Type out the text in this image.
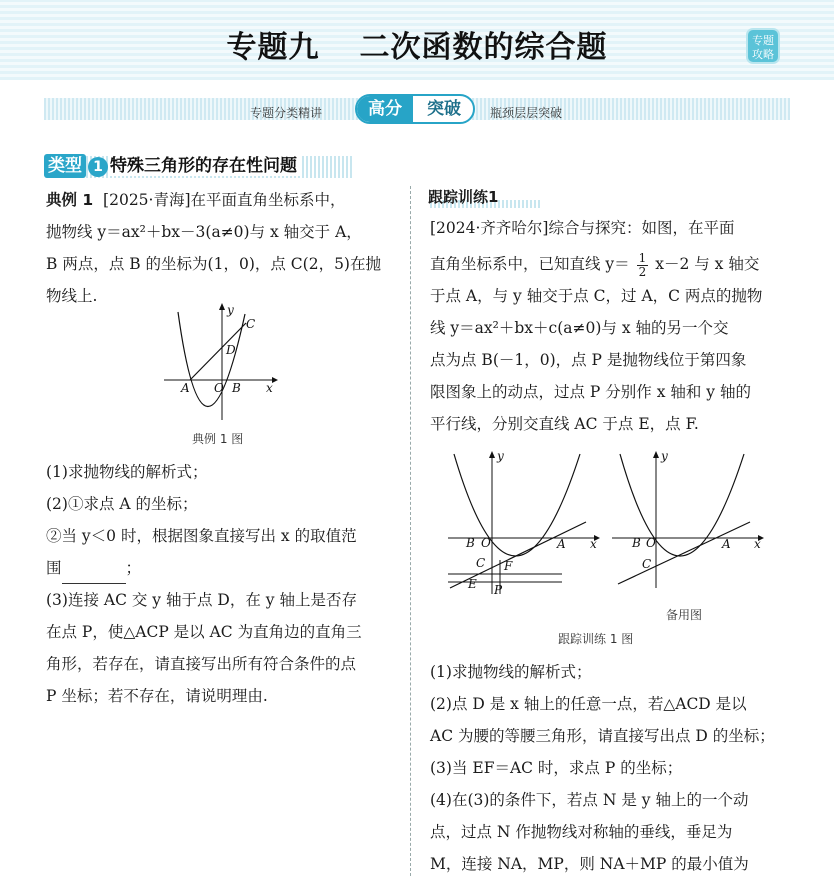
专题九 二次函数的综合题	专题
攻略
专题分类精讲	高分	突破	瓶颈层层突破
类型 1 特殊三角形的存在性问题
典例 1 [2025·青海]在平面直角坐标系中，
抛物线 y＝ax²＋bx－3(a≠0)与 x 轴交于 A，
B 两点，点 B 的坐标为(1，0)，点 C(2，5)在抛
物线上.
A O B
C
D
x
y
典例 1 图
(1)求抛物线的解析式；
(2)①求点 A 的坐标；
②当 y＜0 时，根据图象直接写出 x 的取值范
围	；
(3)连接 AC 交 y 轴于点 D，在 y 轴上是否存
在点 P，使△ACP 是以 AC 为直角边的直角三
角形，若存在，请直接写出所有符合条件的点
P 坐标；若不存在，请说明理由.
跟踪训练1
[2024·齐齐哈尔]综合与探究：如图，在平面
直角坐标系中，已知直线 $y= \frac{1}{2} x-2$ 与 x 轴交
于点 A，与 y 轴交于点 C，过 A，C 两点的抛物
线 y＝ax²＋bx＋c(a≠0)与 x 轴的另一个交
点为点 B(－1，0)，点 P 是抛物线位于第四象
限图象上的动点，过点 P 分别作 x 轴和 y 轴的
平行线，分别交直线 AC 于点 E，点 F.
B O	A
C F
E P
x
y
B O	A
C
x
y
备用图
跟踪训练 1 图
(1)求抛物线的解析式；
(2)点 D 是 x 轴上的任意一点，若△ACD 是以
AC 为腰的等腰三角形，请直接写出点 D 的坐标；
(3)当 EF＝AC 时，求点 P 的坐标；
(4)在(3)的条件下，若点 N 是 y 轴上的一个动
点，过点 N 作抛物线对称轴的垂线，垂足为
M，连接 NA，MP，则 NA＋MP 的最小值为
